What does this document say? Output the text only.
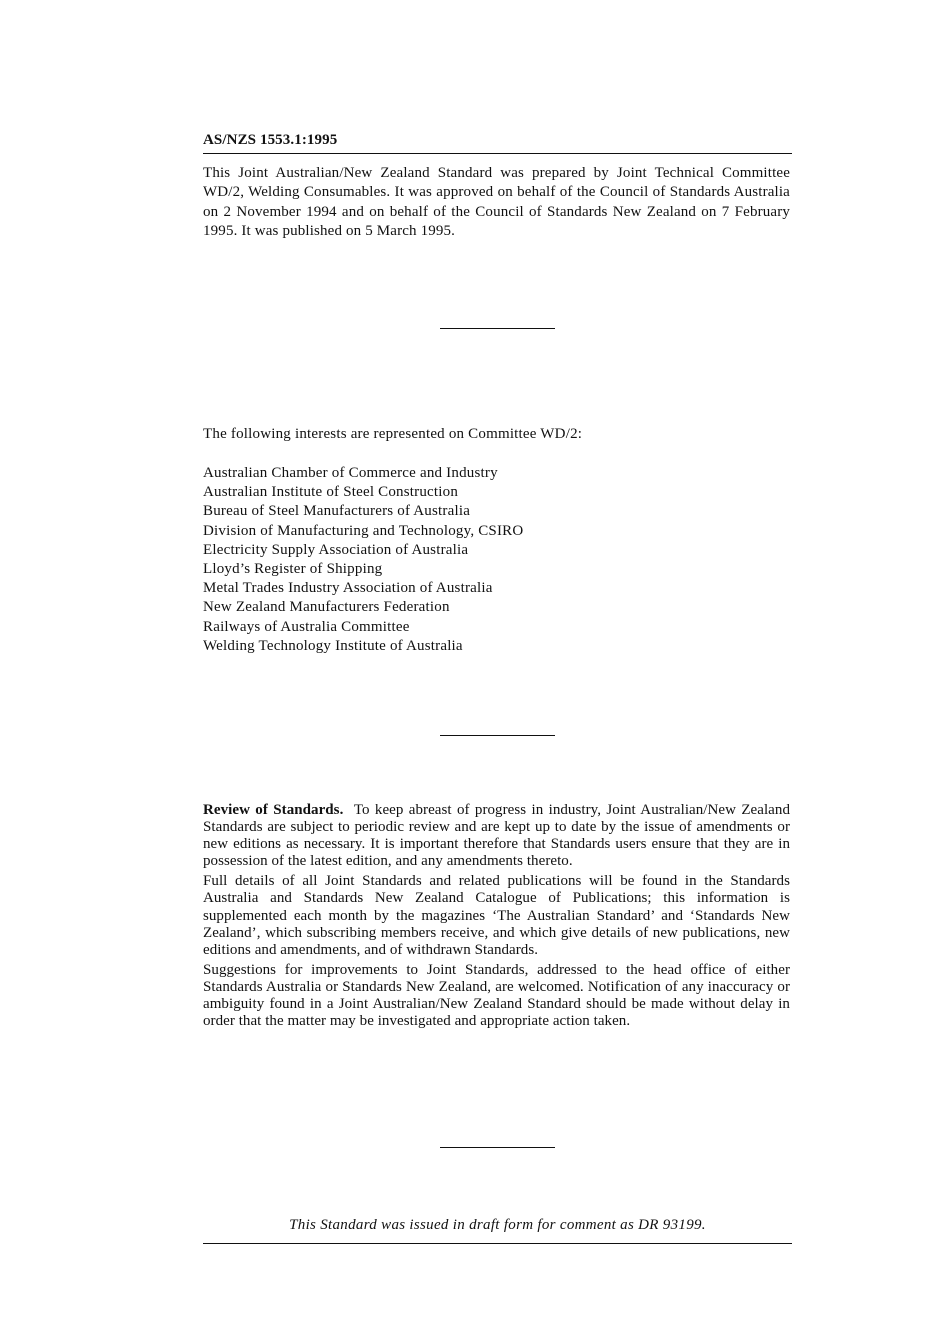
AS/NZS 1553.1:1995

This Joint Australian/New Zealand Standard was prepared by Joint Technical Committee WD/2, Welding Consumables. It was approved on behalf of the Council of Standards Australia on 2 November 1994 and on behalf of the Council of Standards New Zealand on 7 February 1995. It was published on 5 March 1995.

The following interests are represented on Committee WD/2:

Australian Chamber of Commerce and Industry
Australian Institute of Steel Construction
Bureau of Steel Manufacturers of Australia
Division of Manufacturing and Technology, CSIRO
Electricity Supply Association of Australia
Lloyd’s Register of Shipping
Metal Trades Industry Association of Australia
New Zealand Manufacturers Federation
Railways of Australia Committee
Welding Technology Institute of Australia

Review of Standards. To keep abreast of progress in industry, Joint Australian/New Zealand Standards are subject to periodic review and are kept up to date by the issue of amendments or new editions as necessary. It is important therefore that Standards users ensure that they are in possession of the latest edition, and any amendments thereto.

Full details of all Joint Standards and related publications will be found in the Standards Australia and Standards New Zealand Catalogue of Publications; this information is supplemented each month by the magazines ‘The Australian Standard’ and ‘Standards New Zealand’, which subscribing members receive, and which give details of new publications, new editions and amendments, and of withdrawn Standards.

Suggestions for improvements to Joint Standards, addressed to the head office of either Standards Australia or Standards New Zealand, are welcomed. Notification of any inaccuracy or ambiguity found in a Joint Australian/New Zealand Standard should be made without delay in order that the matter may be investigated and appropriate action taken.

This Standard was issued in draft form for comment as DR 93199.
